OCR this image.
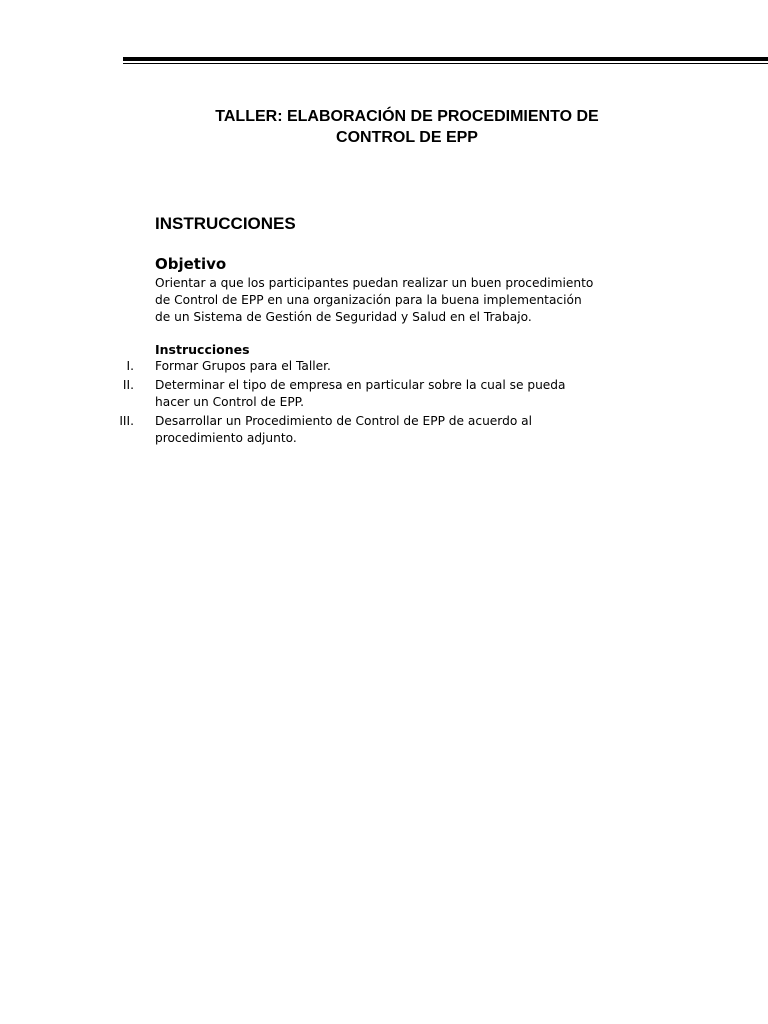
TALLER: ELABORACIÓN DE PROCEDIMIENTO DE
CONTROL DE EPP
INSTRUCCIONES
Objetivo

Orientar a que los participantes puedan realizar un buen procedimiento
de Control de EPP en una organización para la buena implementación
de un Sistema de Gestión de Seguridad y Salud en el Trabajo.

Instrucciones
I.	Formar Grupos para el Taller.
II.	Determinar el tipo de empresa en particular sobre la cual se pueda
hacer un Control de EPP.
III.	Desarrollar un Procedimiento de Control de EPP de acuerdo al
procedimiento adjunto.
